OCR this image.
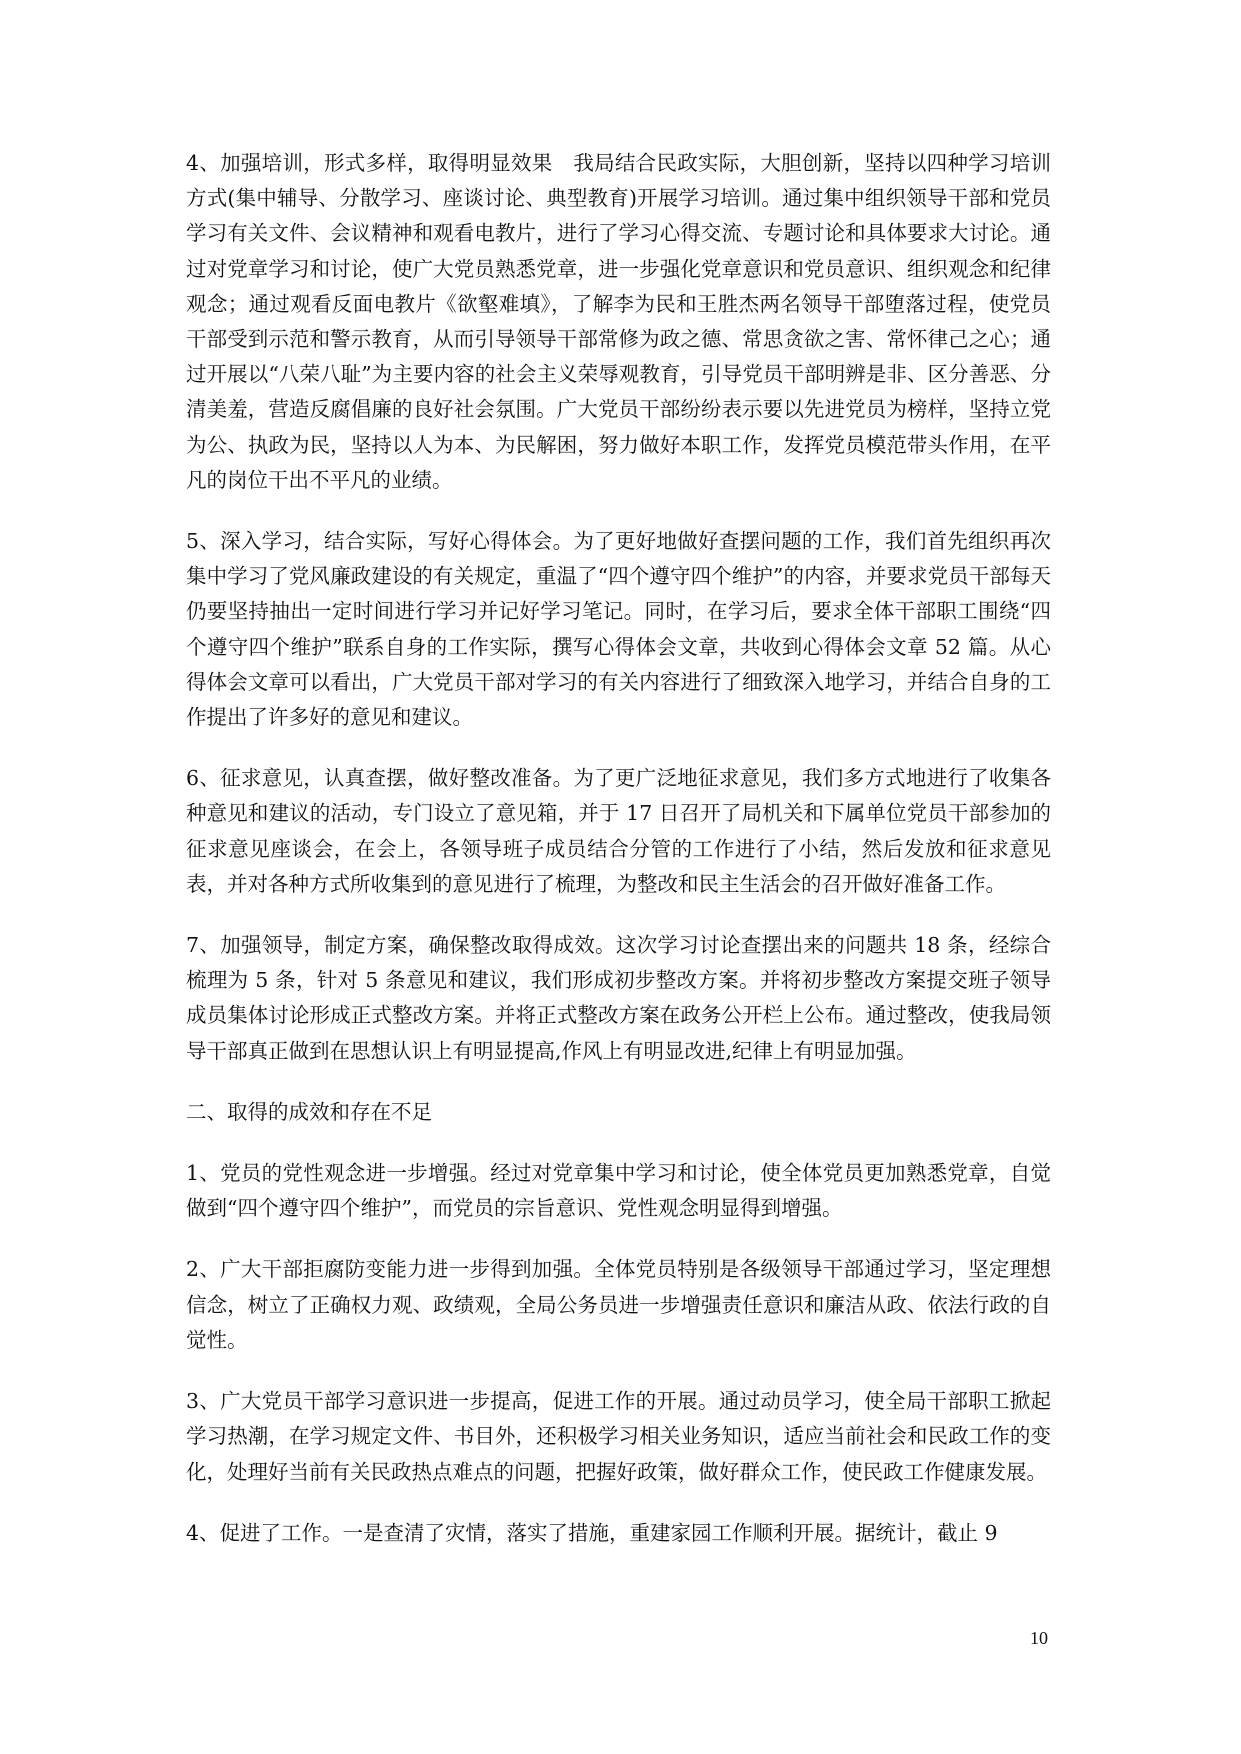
4、加强培训，形式多样，取得明显效果　我局结合民政实际，大胆创新，坚持以四种学习培训方式(集中辅导、分散学习、座谈讨论、典型教育)开展学习培训。通过集中组织领导干部和党员学习有关文件、会议精神和观看电教片，进行了学习心得交流、专题讨论和具体要求大讨论。通过对党章学习和讨论，使广大党员熟悉党章，进一步强化党章意识和党员意识、组织观念和纪律观念；通过观看反面电教片《欲壑难填》，了解李为民和王胜杰两名领导干部堕落过程，使党员干部受到示范和警示教育，从而引导领导干部常修为政之德、常思贪欲之害、常怀律己之心；通过开展以“八荣八耻”为主要内容的社会主义荣辱观教育，引导党员干部明辨是非、区分善恶、分清美羞，营造反腐倡廉的良好社会氛围。广大党员干部纷纷表示要以先进党员为榜样，坚持立党为公、执政为民，坚持以人为本、为民解困，努力做好本职工作，发挥党员模范带头作用，在平凡的岗位干出不平凡的业绩。

5、深入学习，结合实际，写好心得体会。为了更好地做好查摆问题的工作，我们首先组织再次集中学习了党风廉政建设的有关规定，重温了“四个遵守四个维护”的内容，并要求党员干部每天仍要坚持抽出一定时间进行学习并记好学习笔记。同时，在学习后，要求全体干部职工围绕“四个遵守四个维护”联系自身的工作实际，撰写心得体会文章，共收到心得体会文章 52 篇。从心得体会文章可以看出，广大党员干部对学习的有关内容进行了细致深入地学习，并结合自身的工作提出了许多好的意见和建议。

6、征求意见，认真查摆，做好整改准备。为了更广泛地征求意见，我们多方式地进行了收集各种意见和建议的活动，专门设立了意见箱，并于 17 日召开了局机关和下属单位党员干部参加的征求意见座谈会，在会上，各领导班子成员结合分管的工作进行了小结，然后发放和征求意见表，并对各种方式所收集到的意见进行了梳理，为整改和民主生活会的召开做好准备工作。

7、加强领导，制定方案，确保整改取得成效。这次学习讨论查摆出来的问题共 18 条，经综合梳理为 5 条，针对 5 条意见和建议，我们形成初步整改方案。并将初步整改方案提交班子领导成员集体讨论形成正式整改方案。并将正式整改方案在政务公开栏上公布。通过整改，使我局领导干部真正做到在思想认识上有明显提高,作风上有明显改进,纪律上有明显加强。

二、取得的成效和存在不足

1、党员的党性观念进一步增强。经过对党章集中学习和讨论，使全体党员更加熟悉党章，自觉做到“四个遵守四个维护”，而党员的宗旨意识、党性观念明显得到增强。

2、广大干部拒腐防变能力进一步得到加强。全体党员特别是各级领导干部通过学习，坚定理想信念，树立了正确权力观、政绩观，全局公务员进一步增强责任意识和廉洁从政、依法行政的自觉性。

3、广大党员干部学习意识进一步提高，促进工作的开展。通过动员学习，使全局干部职工掀起学习热潮，在学习规定文件、书目外，还积极学习相关业务知识，适应当前社会和民政工作的变化，处理好当前有关民政热点难点的问题，把握好政策，做好群众工作，使民政工作健康发展。

4、促进了工作。一是查清了灾情，落实了措施，重建家园工作顺利开展。据统计，截止 9

10
